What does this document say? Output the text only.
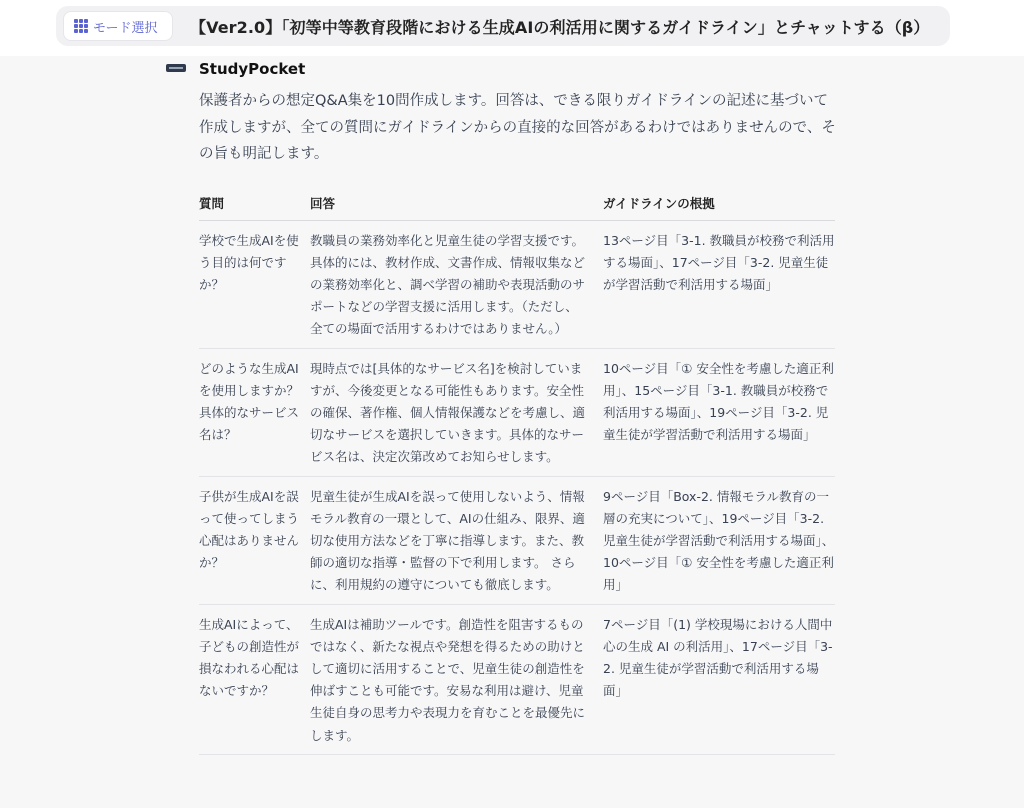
モード選択 【Ver2.0】「初等中等教育段階における生成AIの利活用に関するガイドライン」とチャットする（β）
StudyPocket
保護者からの想定Q&A集を10問作成します。回答は、できる限りガイドラインの記述に基づいて作成しますが、全ての質問にガイドラインからの直接的な回答があるわけではありませんので、その旨も明記します。
質問	回答	ガイドラインの根拠
学校で生成AIを使う目的は何ですか？	教職員の業務効率化と児童生徒の学習支援です。具体的には、教材作成、文書作成、情報収集などの業務効率化と、調べ学習の補助や表現活動のサポートなどの学習支援に活用します。（ただし、全ての場面で活用するわけではありません。）	13ページ目「3-1. 教職員が校務で利活用する場面」、17ページ目「3-2. 児童生徒が学習活動で利活用する場面」
どのような生成AIを使用しますか？具体的なサービス名は？	現時点では[具体的なサービス名]を検討していますが、今後変更となる可能性もあります。安全性の確保、著作権、個人情報保護などを考慮し、適切なサービスを選択していきます。具体的なサービス名は、決定次第改めてお知らせします。	10ページ目「① 安全性を考慮した適正利用」、15ページ目「3-1. 教職員が校務で利活用する場面」、19ページ目「3-2. 児童生徒が学習活動で利活用する場面」
子供が生成AIを誤って使ってしまう心配はありませんか？	児童生徒が生成AIを誤って使用しないよう、情報モラル教育の一環として、AIの仕組み、限界、適切な使用方法などを丁寧に指導します。また、教師の適切な指導・監督の下で利用します。 さらに、利用規約の遵守についても徹底します。	9ページ目「Box-2. 情報モラル教育の一層の充実について」、19ページ目「3-2. 児童生徒が学習活動で利活用する場面」、10ページ目「① 安全性を考慮した適正利用」
生成AIによって、子どもの創造性が損なわれる心配はないですか？	生成AIは補助ツールです。創造性を阻害するものではなく、新たな視点や発想を得るための助けとして適切に活用することで、児童生徒の創造性を伸ばすことも可能です。安易な利用は避け、児童生徒自身の思考力や表現力を育むことを最優先にします。	7ページ目「(1) 学校現場における人間中心の生成 AI の利活用」、17ページ目「3-2. 児童生徒が学習活動で利活用する場面」
